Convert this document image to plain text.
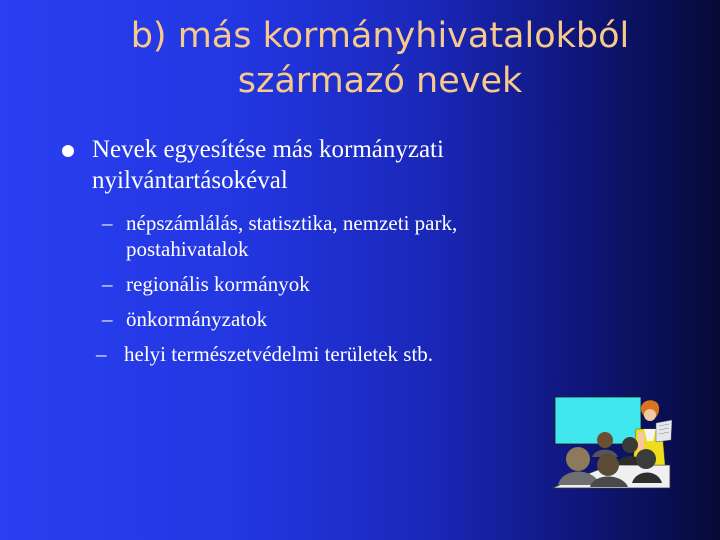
b) más kormányhivatalokból
származó nevek
Nevek egyesítése más kormányzati
nyilvántartásokéval
– népszámlálás, statisztika, nemzeti park,
postahivatalok
– regionális kormányok
– önkormányzatok
– helyi természetvédelmi területek stb.
